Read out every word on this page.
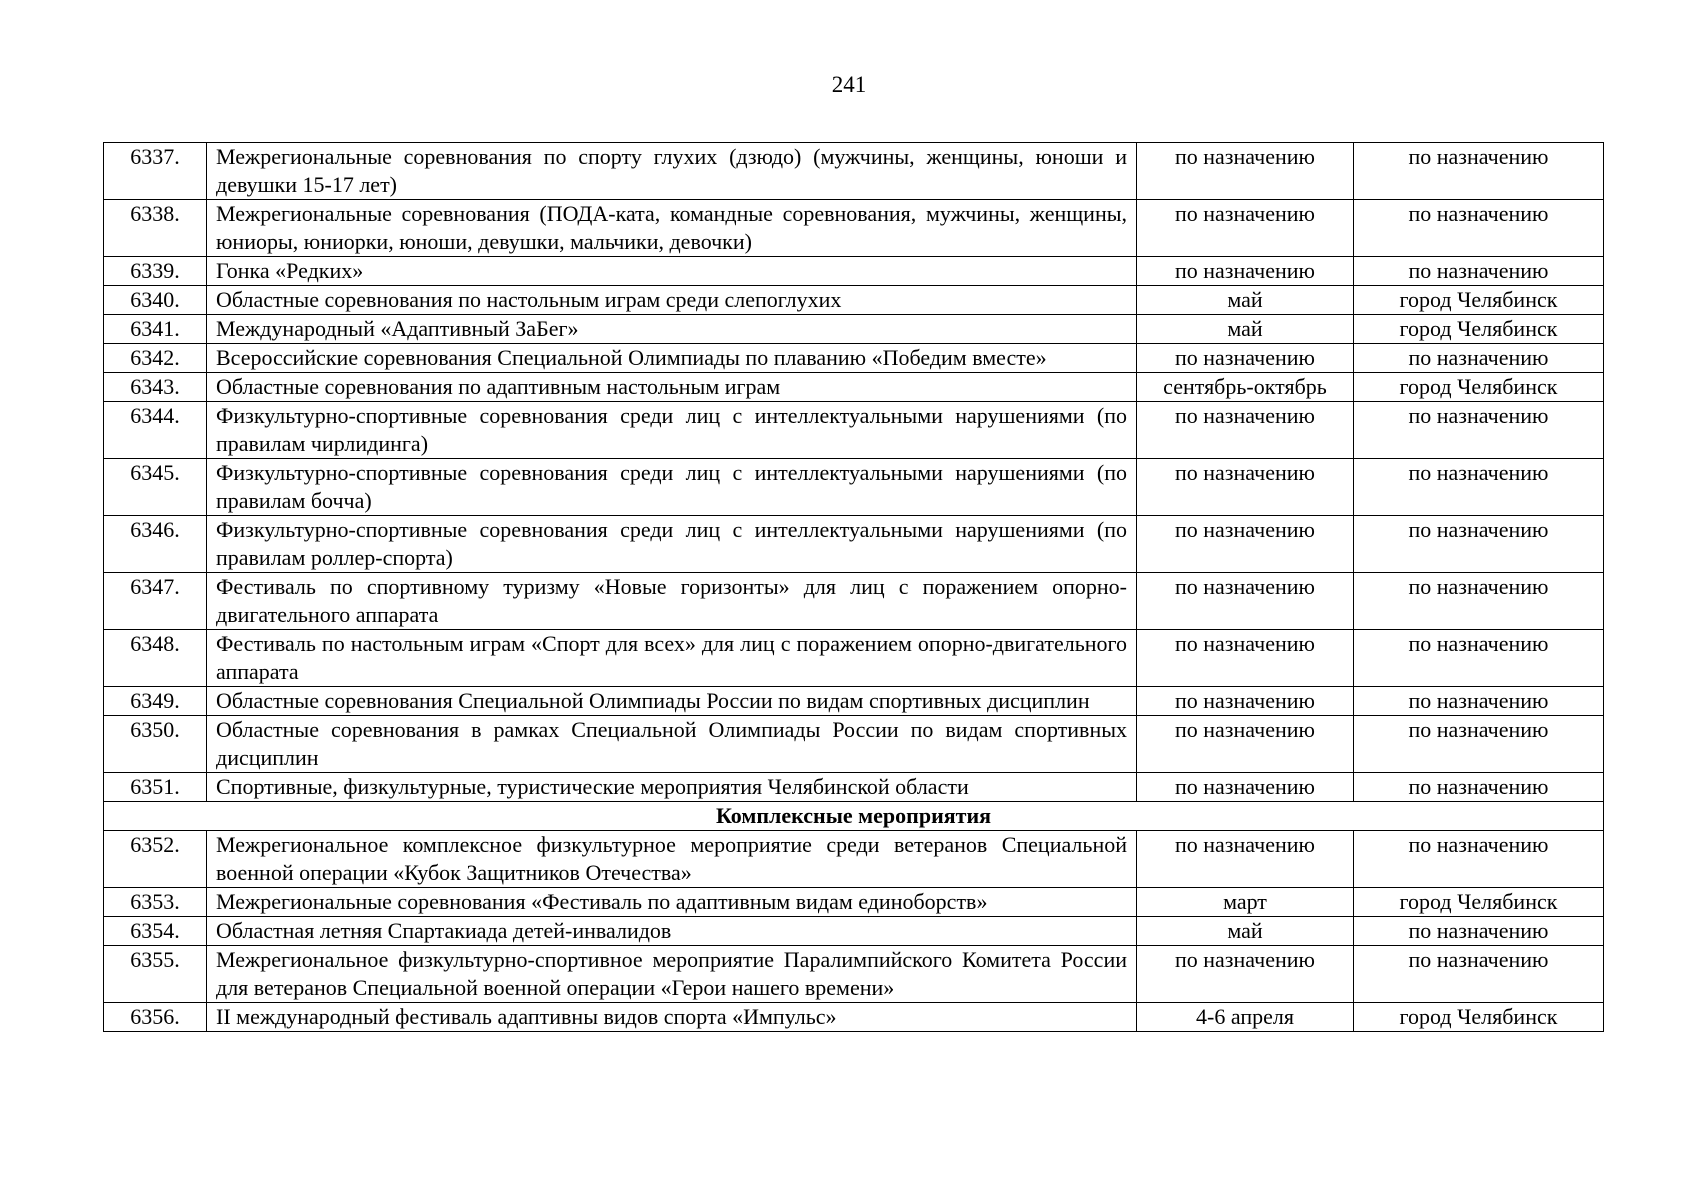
241
6337.	Межрегиональные соревнования по спорту глухих (дзюдо) (мужчины, женщины, юноши и девушки 15-17 лет)	по назначению	по назначению
6338.	Межрегиональные соревнования (ПОДА-ката, командные соревнования, мужчины, женщины, юниоры, юниорки, юноши, девушки, мальчики, девочки)	по назначению	по назначению
6339.	Гонка «Редких»	по назначению	по назначению
6340.	Областные соревнования по настольным играм среди слепоглухих	май	город Челябинск
6341.	Международный «Адаптивный ЗаБег»	май	город Челябинск
6342.	Всероссийские соревнования Специальной Олимпиады по плаванию «Победим вместе»	по назначению	по назначению
6343.	Областные соревнования по адаптивным настольным играм	сентябрь-октябрь	город Челябинск
6344.	Физкультурно-спортивные соревнования среди лиц с интеллектуальными нарушениями (по правилам чирлидинга)	по назначению	по назначению
6345.	Физкультурно-спортивные соревнования среди лиц с интеллектуальными нарушениями (по правилам бочча)	по назначению	по назначению
6346.	Физкультурно-спортивные соревнования среди лиц с интеллектуальными нарушениями (по правилам роллер-спорта)	по назначению	по назначению
6347.	Фестиваль по спортивному туризму «Новые горизонты» для лиц с поражением опорно-двигательного аппарата	по назначению	по назначению
6348.	Фестиваль по настольным играм «Спорт для всех» для лиц с поражением опорно-двигательного аппарата	по назначению	по назначению
6349.	Областные соревнования Специальной Олимпиады России по видам спортивных дисциплин	по назначению	по назначению
6350.	Областные соревнования в рамках Специальной Олимпиады России по видам спортивных дисциплин	по назначению	по назначению
6351.	Спортивные, физкультурные, туристические мероприятия Челябинской области	по назначению	по назначению
Комплексные мероприятия			
6352.	Межрегиональное комплексное физкультурное мероприятие среди ветеранов Специальной военной операции «Кубок Защитников Отечества»	по назначению	по назначению
6353.	Межрегиональные соревнования «Фестиваль по адаптивным видам единоборств»	март	город Челябинск
6354.	Областная летняя Спартакиада детей-инвалидов	май	по назначению
6355.	Межрегиональное физкультурно-спортивное мероприятие Паралимпийского Комитета России для ветеранов Специальной военной операции «Герои нашего времени»	по назначению	по назначению
6356.	II международный фестиваль адаптивны видов спорта «Импульс»	4-6 апреля	город Челябинск
